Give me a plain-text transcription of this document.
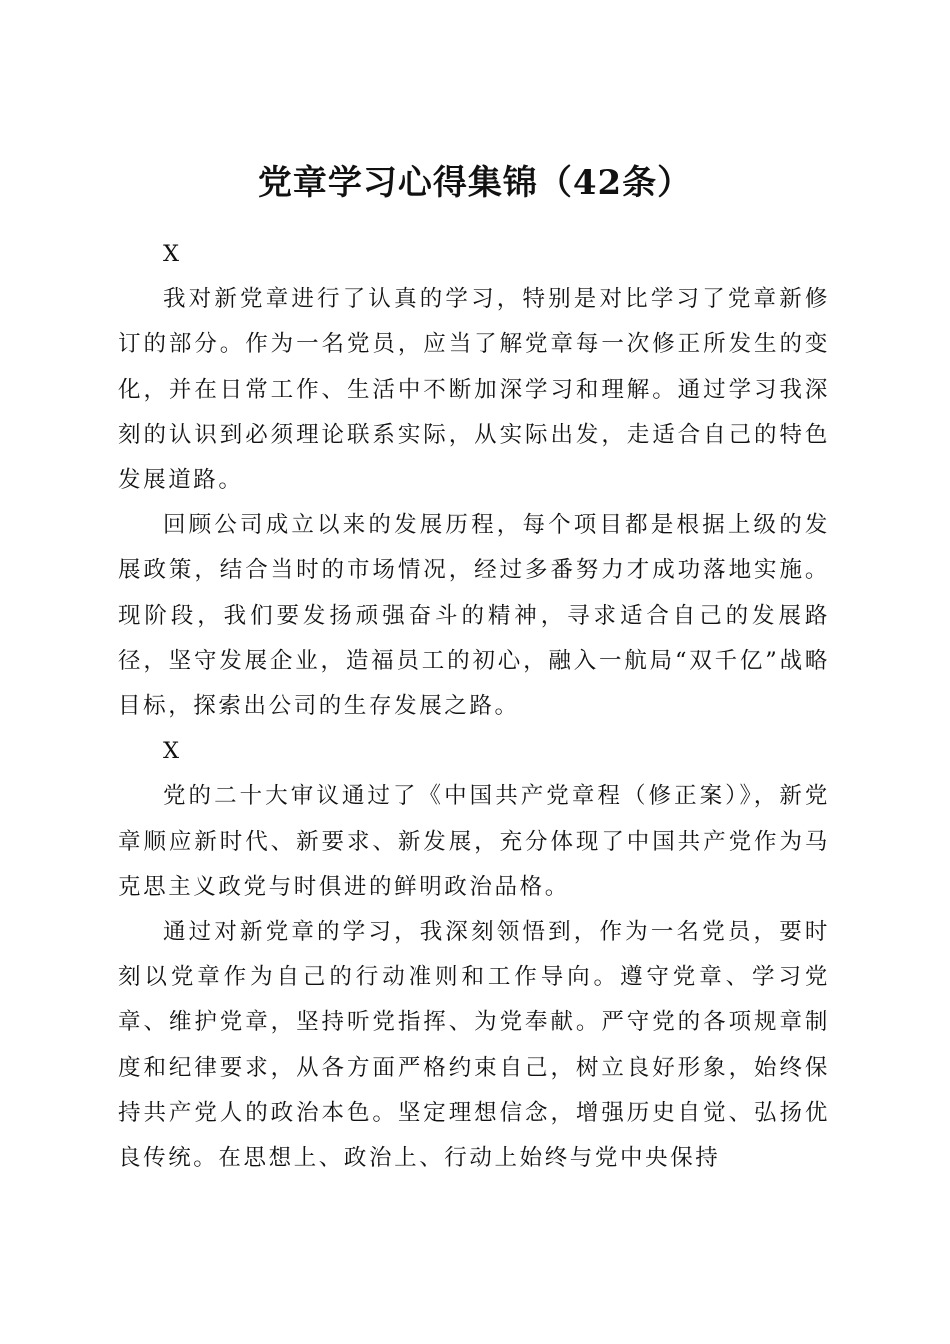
党章学习心得集锦（42条）

X

我对新党章进行了认真的学习，特别是对比学习了党章新修订的部分。作为一名党员，应当了解党章每一次修正所发生的变化，并在日常工作、生活中不断加深学习和理解。通过学习我深刻的认识到必须理论联系实际，从实际出发，走适合自己的特色发展道路。

回顾公司成立以来的发展历程，每个项目都是根据上级的发展政策，结合当时的市场情况，经过多番努力才成功落地实施。现阶段，我们要发扬顽强奋斗的精神，寻求适合自己的发展路径，坚守发展企业，造福员工的初心，融入一航局“双千亿”战略目标，探索出公司的生存发展之路。

X

党的二十大审议通过了《中国共产党章程（修正案）》，新党章顺应新时代、新要求、新发展，充分体现了中国共产党作为马克思主义政党与时俱进的鲜明政治品格。

通过对新党章的学习，我深刻领悟到，作为一名党员，要时刻以党章作为自己的行动准则和工作导向。遵守党章、学习党章、维护党章，坚持听党指挥、为党奉献。严守党的各项规章制度和纪律要求，从各方面严格约束自己，树立良好形象，始终保持共产党人的政治本色。坚定理想信念，增强历史自觉、弘扬优良传统。在思想上、政治上、行动上始终与党中央保持
